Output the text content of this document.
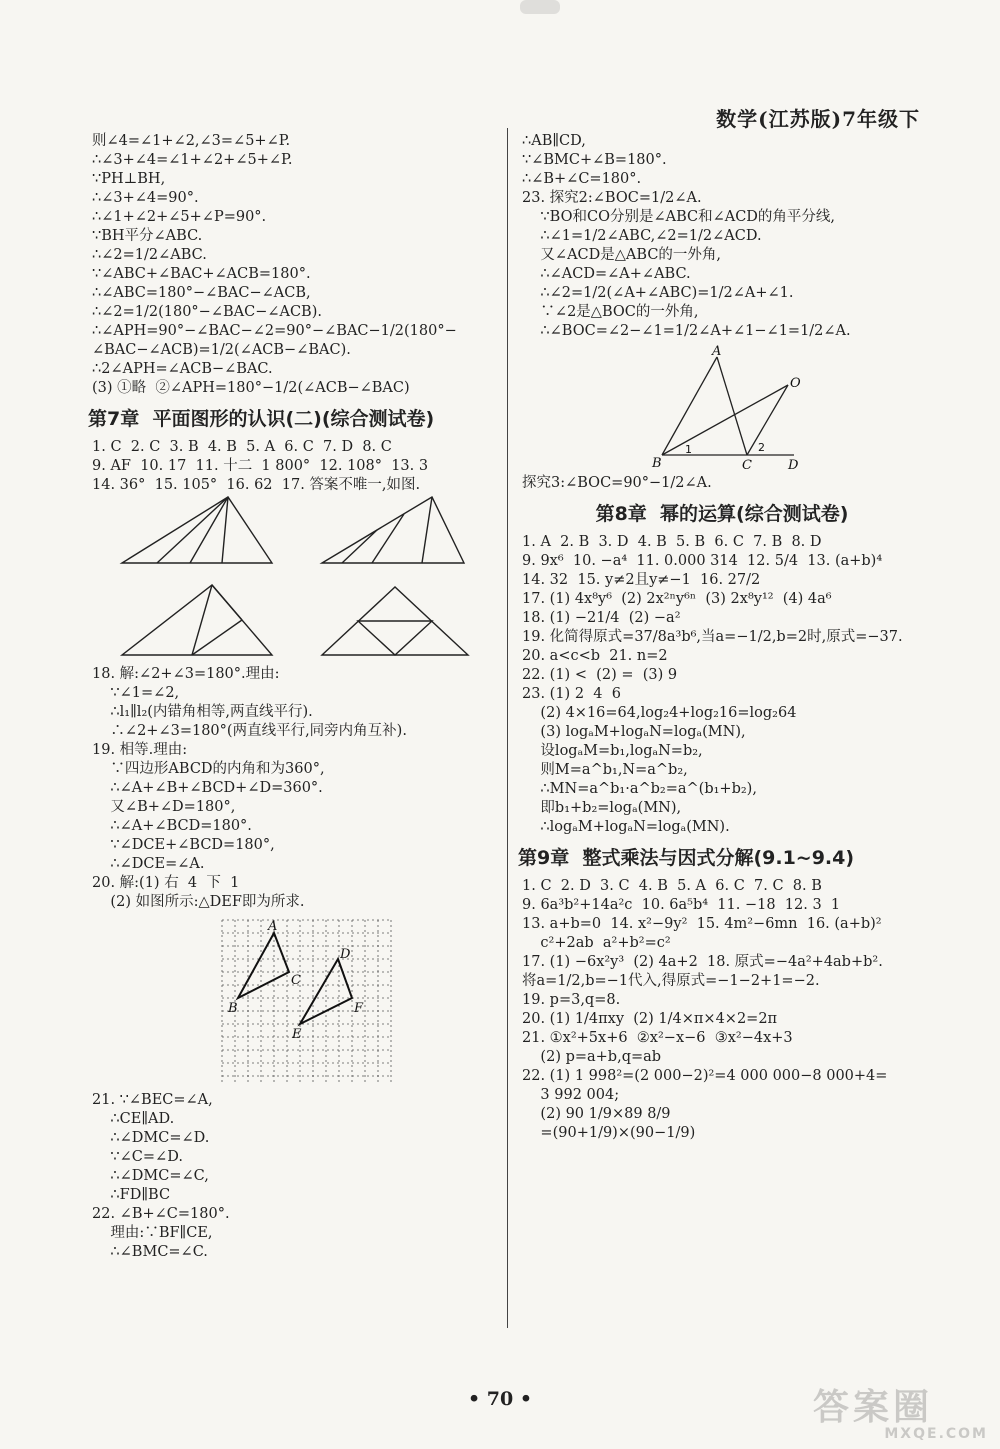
数学(江苏版)7年级下
则∠4=∠1+∠2,∠3=∠5+∠P.
∴∠3+∠4=∠1+∠2+∠5+∠P.
∵PH⊥BH,
∴∠3+∠4=90°.
∴∠1+∠2+∠5+∠P=90°.
∵BH平分∠ABC.
∴∠2=1/2∠ABC.
∵∠ABC+∠BAC+∠ACB=180°.
∴∠ABC=180°−∠BAC−∠ACB,
∴∠2=1/2(180°−∠BAC−∠ACB).
∴∠APH=90°−∠BAC−∠2=90°−∠BAC−1/2(180°−
∠BAC−∠ACB)=1/2(∠ACB−∠BAC).
∴2∠APH=∠ACB−∠BAC.
(3) ①略  ②∠APH=180°−1/2(∠ACB−∠BAC)
第7章  平面图形的认识(二)(综合测试卷)
1. C  2. C  3. B  4. B  5. A  6. C  7. D  8. C
9. AF  10. 17  11. 十二  1 800°  12. 108°  13. 3
14. 36°  15. 105°  16. 62  17. 答案不唯一,如图.
18. 解:∠2+∠3=180°.理由:
∵∠1=∠2,
∴l₁∥l₂(内错角相等,两直线平行).
∴∠2+∠3=180°(两直线平行,同旁内角互补).
19. 相等.理由:
∵四边形ABCD的内角和为360°,
∴∠A+∠B+∠BCD+∠D=360°.
又∠B+∠D=180°,
∴∠A+∠BCD=180°.
∵∠DCE+∠BCD=180°,
∴∠DCE=∠A.
20. 解:(1) 右  4  下  1
(2) 如图所示:△DEF即为所求.
A
B
C
D
E
F
21. ∵∠BEC=∠A,
∴CE∥AD.
∴∠DMC=∠D.
∵∠C=∠D.
∴∠DMC=∠C,
∴FD∥BC
22. ∠B+∠C=180°.
理由:∵BF∥CE,
∴∠BMC=∠C.
∴AB∥CD,
∵∠BMC+∠B=180°.
∴∠B+∠C=180°.
23. 探究2:∠BOC=1/2∠A.
∵BO和CO分别是∠ABC和∠ACD的角平分线,
∴∠1=1/2∠ABC,∠2=1/2∠ACD.
又∠ACD是△ABC的一外角,
∴∠ACD=∠A+∠ABC.
∴∠2=1/2(∠A+∠ABC)=1/2∠A+∠1.
∵∠2是△BOC的一外角,
∴∠BOC=∠2−∠1=1/2∠A+∠1−∠1=1/2∠A.
A
O
B	C	D
1	2
探究3:∠BOC=90°−1/2∠A.
第8章  幂的运算(综合测试卷)
1. A  2. B  3. D  4. B  5. B  6. C  7. B  8. D
9. 9x⁶  10. −a⁴  11. 0.000 314  12. 5/4  13. (a+b)⁴
14. 32  15. y≠2且y≠−1  16. 27/2
17. (1) 4x⁸y⁶  (2) 2x²ⁿy⁶ⁿ  (3) 2x⁸y¹²  (4) 4a⁶
18. (1) −21/4  (2) −a²
19. 化简得原式=37/8a³b⁶,当a=−1/2,b=2时,原式=−37.
20. a<c<b  21. n=2
22. (1) <  (2) =  (3) 9
23. (1) 2  4  6
(2) 4×16=64,log₂4+log₂16=log₂64
(3) logₐM+logₐN=logₐ(MN),
设logₐM=b₁,logₐN=b₂,
则M=a^b₁,N=a^b₂,
∴MN=a^b₁·a^b₂=a^(b₁+b₂),
即b₁+b₂=logₐ(MN),
∴logₐM+logₐN=logₐ(MN).
第9章  整式乘法与因式分解(9.1~9.4)
1. C  2. D  3. C  4. B  5. A  6. C  7. C  8. B
9. 6a³b²+14a²c  10. 6a⁵b⁴  11. −18  12. 3  1
13. a+b=0  14. x²−9y²  15. 4m²−6mn  16. (a+b)²
c²+2ab  a²+b²=c²
17. (1) −6x²y³  (2) 4a+2  18. 原式=−4a²+4ab+b².
将a=1/2,b=−1代入,得原式=−1−2+1=−2.
19. p=3,q=8.
20. (1) 1/4πxy  (2) 1/4×π×4×2=2π
21. ①x²+5x+6  ②x²−x−6  ③x²−4x+3
(2) p=a+b,q=ab
22. (1) 1 998²=(2 000−2)²=4 000 000−8 000+4=
3 992 004;
(2) 90 1/9×89 8/9
=(90+1/9)×(90−1/9)
• 70 •	答案圈
MXQE.COM
